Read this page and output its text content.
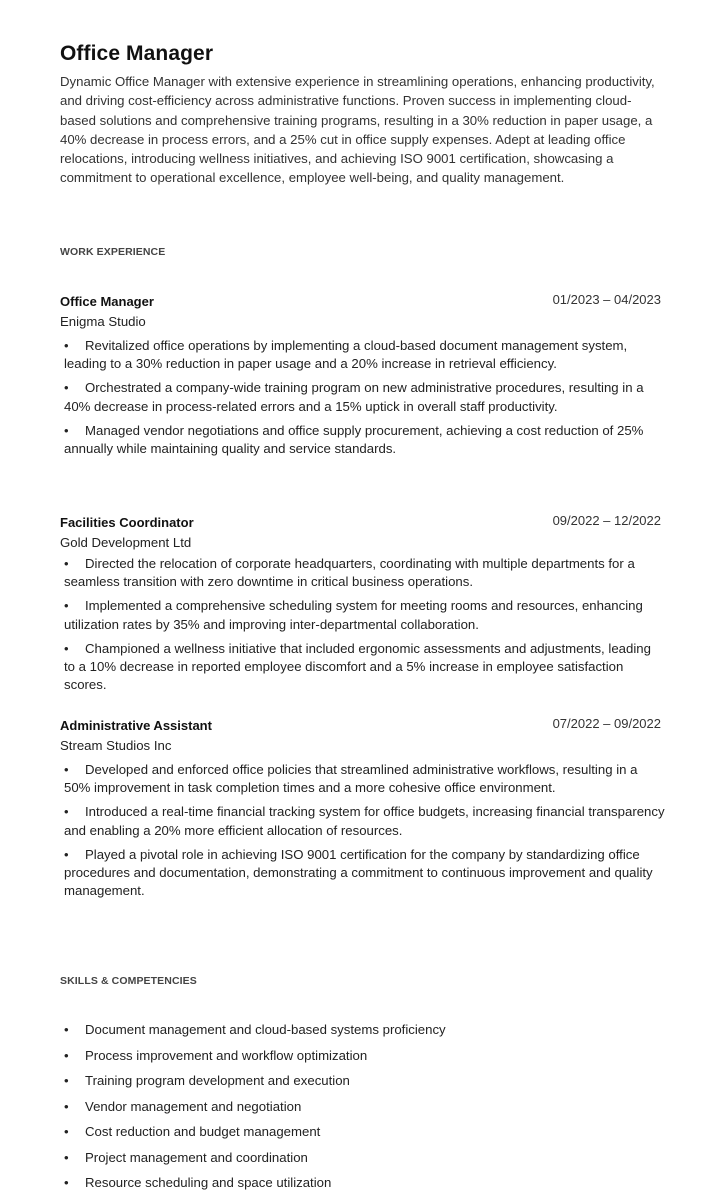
Office Manager

Dynamic Office Manager with extensive experience in streamlining operations, enhancing productivity, and driving cost-efficiency across administrative functions. Proven success in implementing cloud-based solutions and comprehensive training programs, resulting in a 30% reduction in paper usage, a 40% decrease in process errors, and a 25% cut in office supply expenses. Adept at leading office relocations, introducing wellness initiatives, and achieving ISO 9001 certification, showcasing a commitment to operational excellence, employee well-being, and quality management.

WORK EXPERIENCE
Office Manager	01/2023 – 04/2023
Enigma Studio
• Revitalized office operations by implementing a cloud-based document management system, leading to a 30% reduction in paper usage and a 20% increase in retrieval efficiency.
• Orchestrated a company-wide training program on new administrative procedures, resulting in a 40% decrease in process-related errors and a 15% uptick in overall staff productivity.
• Managed vendor negotiations and office supply procurement, achieving a cost reduction of 25% annually while maintaining quality and service standards.
Facilities Coordinator	09/2022 – 12/2022
Gold Development Ltd
• Directed the relocation of corporate headquarters, coordinating with multiple departments for a seamless transition with zero downtime in critical business operations.
• Implemented a comprehensive scheduling system for meeting rooms and resources, enhancing utilization rates by 35% and improving inter-departmental collaboration.
• Championed a wellness initiative that included ergonomic assessments and adjustments, leading to a 10% decrease in reported employee discomfort and a 5% increase in employee satisfaction scores.
Administrative Assistant	07/2022 – 09/2022
Stream Studios Inc
• Developed and enforced office policies that streamlined administrative workflows, resulting in a 50% improvement in task completion times and a more cohesive office environment.
• Introduced a real-time financial tracking system for office budgets, increasing financial transparency and enabling a 20% more efficient allocation of resources.
• Played a pivotal role in achieving ISO 9001 certification for the company by standardizing office procedures and documentation, demonstrating a commitment to continuous improvement and quality management.
SKILLS & COMPETENCIES
• Document management and cloud-based systems proficiency
• Process improvement and workflow optimization
• Training program development and execution
• Vendor management and negotiation
• Cost reduction and budget management
• Project management and coordination
• Resource scheduling and space utilization
